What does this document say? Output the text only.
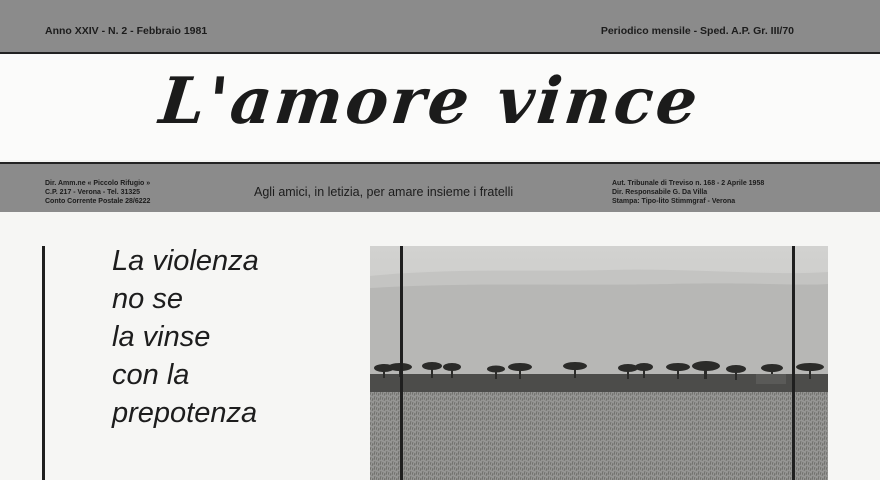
Anno XXIV - N. 2 - Febbraio 1981	Periodico mensile - Sped. A.P. Gr. III/70
L'amore vince
Dir. Amm.ne « Piccolo Rifugio »
C.P. 217 - Verona - Tel. 31325
Conto Corrente Postale 28/6222
Agli amici, in letizia, per amare insieme i fratelli
Aut. Tribunale di Treviso n. 168 - 2 Aprile 1958
Dir. Responsabile G. Da Villa
Stampa: Tipo-lito Stimmgraf - Verona
La violenza
no se
la vinse
con la
prepotenza
